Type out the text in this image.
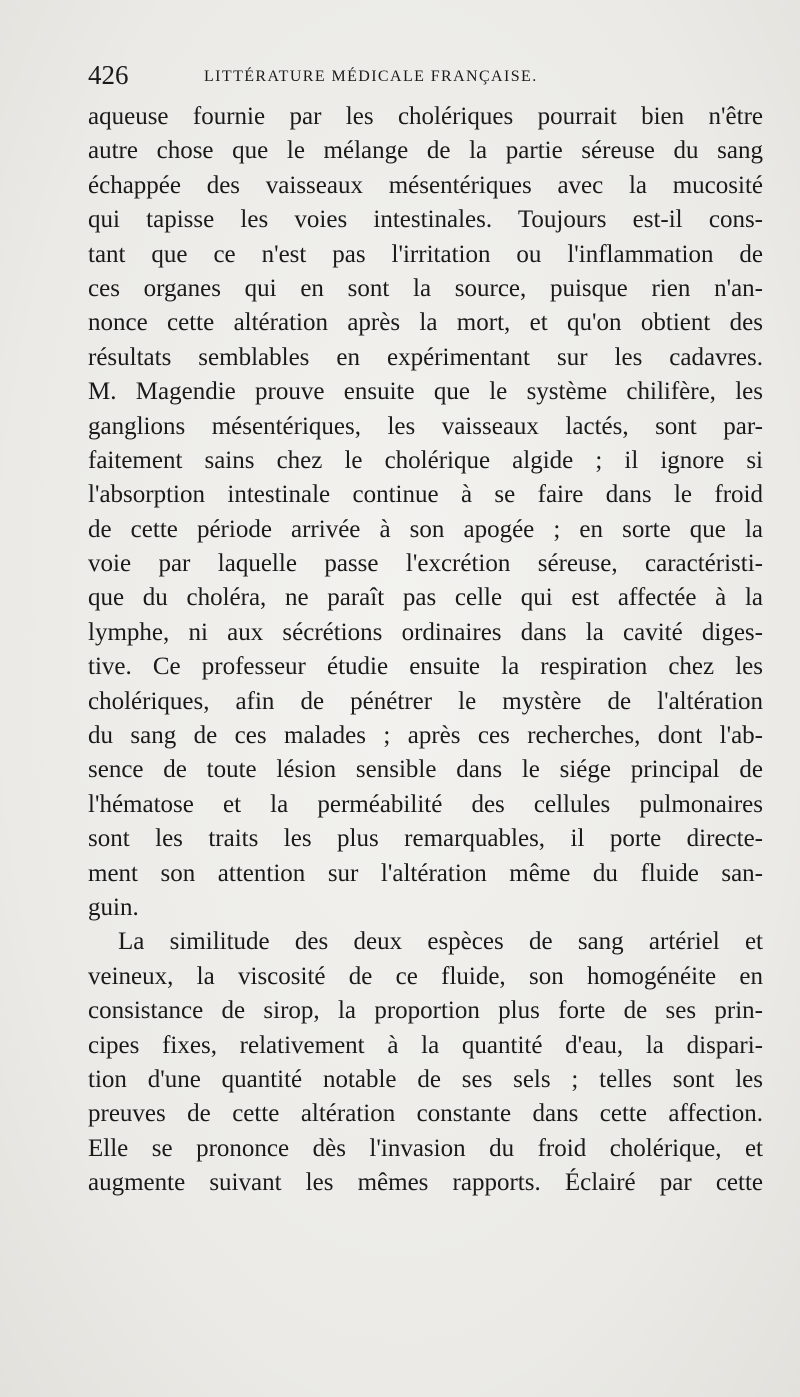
426	LITTÉRATURE MÉDICALE FRANÇAISE.
aqueuse fournie par les cholériques pourrait bien n'être
autre chose que le mélange de la partie séreuse du sang
échappée des vaisseaux mésentériques avec la mucosité
qui tapisse les voies intestinales. Toujours est-il cons-
tant que ce n'est pas l'irritation ou l'inflammation de
ces organes qui en sont la source, puisque rien n'an-
nonce cette altération après la mort, et qu'on obtient des
résultats semblables en expérimentant sur les cadavres.
M. Magendie prouve ensuite que le système chilifère, les
ganglions mésentériques, les vaisseaux lactés, sont par-
faitement sains chez le cholérique algide ; il ignore si
l'absorption intestinale continue à se faire dans le froid
de cette période arrivée à son apogée ; en sorte que la
voie par laquelle passe l'excrétion séreuse, caractéristi-
que du choléra, ne paraît pas celle qui est affectée à la
lymphe, ni aux sécrétions ordinaires dans la cavité diges-
tive. Ce professeur étudie ensuite la respiration chez les
cholériques, afin de pénétrer le mystère de l'altération
du sang de ces malades ; après ces recherches, dont l'ab-
sence de toute lésion sensible dans le siége principal de
l'hématose et la perméabilité des cellules pulmonaires
sont les traits les plus remarquables, il porte directe-
ment son attention sur l'altération même du fluide san-
guin.
La similitude des deux espèces de sang artériel et
veineux, la viscosité de ce fluide, son homogénéite en
consistance de sirop, la proportion plus forte de ses prin-
cipes fixes, relativement à la quantité d'eau, la dispari-
tion d'une quantité notable de ses sels ; telles sont les
preuves de cette altération constante dans cette affection.
Elle se prononce dès l'invasion du froid cholérique, et
augmente suivant les mêmes rapports. Éclairé par cette
